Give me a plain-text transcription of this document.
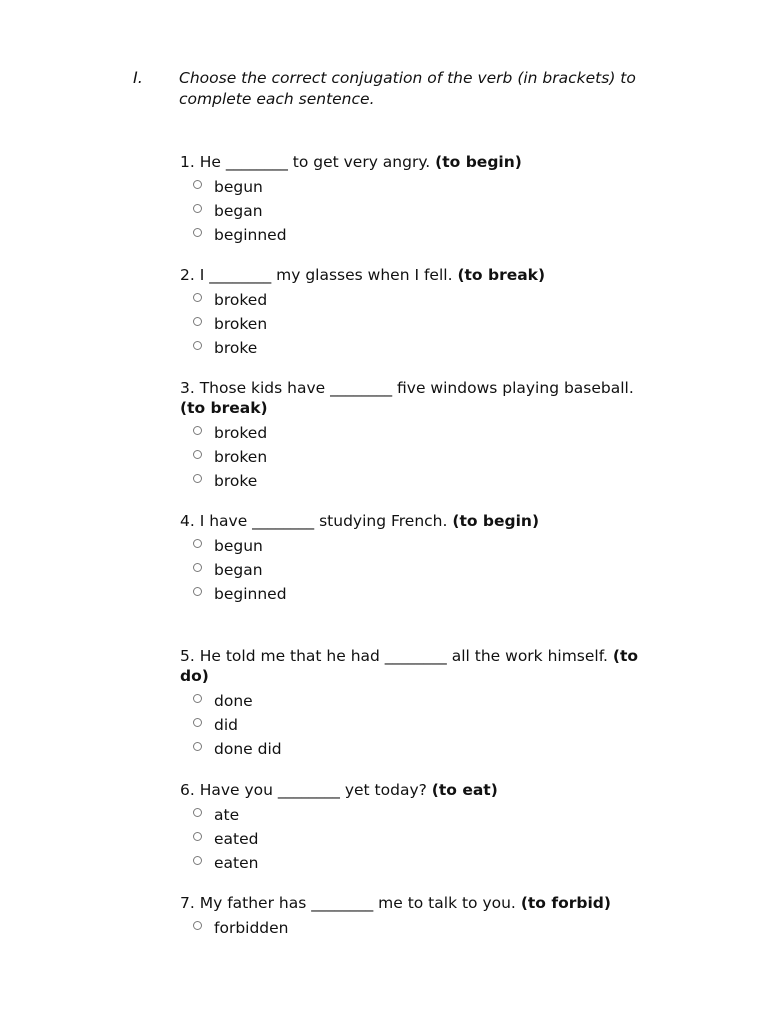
I. Choose the correct conjugation of the verb (in brackets) to complete each sentence.
1. He ________ to get very angry. (to begin)
begun
began
beginned
2. I ________ my glasses when I fell. (to break)
broked
broken
broke
3. Those kids have ________ five windows playing baseball. (to break)
broked
broken
broke
4. I have ________ studying French. (to begin)
begun
began
beginned
5. He told me that he had ________ all the work himself. (to do)
done
did
done did
6. Have you ________ yet today? (to eat)
ate
eated
eaten
7. My father has ________ me to talk to you. (to forbid)
forbidden
